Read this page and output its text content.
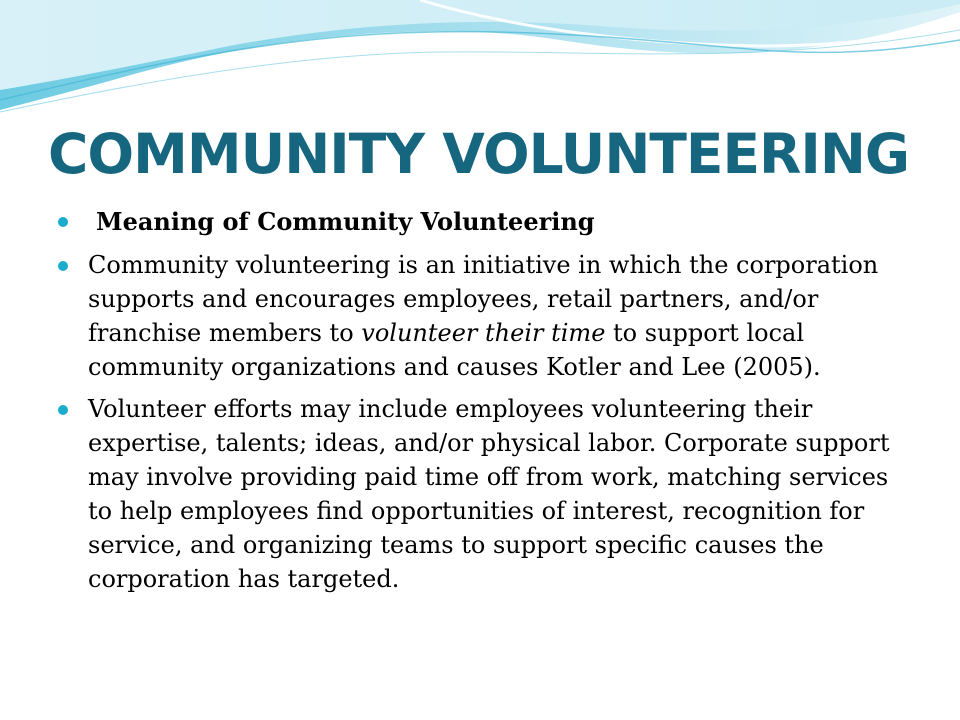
COMMUNITY VOLUNTEERING
Meaning of Community Volunteering
Community volunteering is an initiative in which the corporation supports and encourages employees, retail partners, and/or franchise members to volunteer their time to support local community organizations and causes Kotler and Lee (2005).
Volunteer efforts may include employees volunteering their expertise, talents; ideas, and/or physical labor. Corporate support may involve providing paid time off from work, matching services to help employees find opportunities of interest, recognition for service, and organizing teams to support specific causes the corporation has targeted.
